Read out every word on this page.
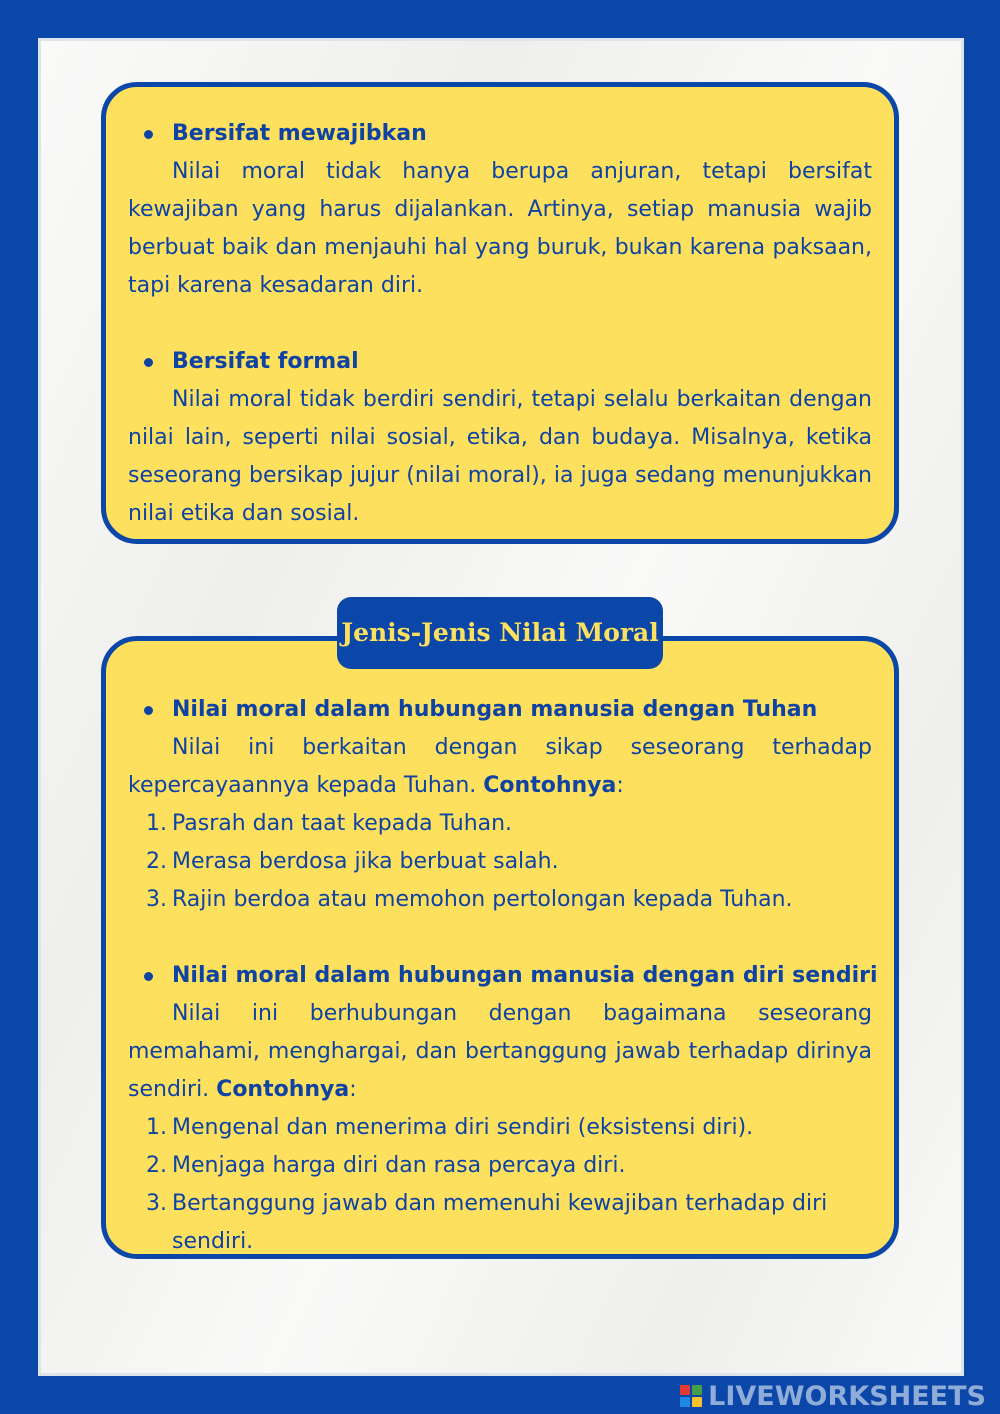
Bersifat mewajibkan

Nilai moral tidak hanya berupa anjuran, tetapi bersifat kewajiban yang harus dijalankan. Artinya, setiap manusia wajib berbuat baik dan menjauhi hal yang buruk, bukan karena paksaan, tapi karena kesadaran diri.

Bersifat formal

Nilai moral tidak berdiri sendiri, tetapi selalu berkaitan dengan nilai lain, seperti nilai sosial, etika, dan budaya. Misalnya, ketika seseorang bersikap jujur (nilai moral), ia juga sedang menunjukkan nilai etika dan sosial.

Nilai moral dalam hubungan manusia dengan Tuhan

Nilai ini berkaitan dengan sikap seseorang terhadap kepercayaannya kepada Tuhan. Contohnya:

1. Pasrah dan taat kepada Tuhan.
2. Merasa berdosa jika berbuat salah.
3. Rajin berdoa atau memohon pertolongan kepada Tuhan.
Nilai moral dalam hubungan manusia dengan diri sendiri

Nilai ini berhubungan dengan bagaimana seseorang memahami, menghargai, dan bertanggung jawab terhadap dirinya sendiri. Contohnya:

1. Mengenal dan menerima diri sendiri (eksistensi diri).
2. Menjaga harga diri dan rasa percaya diri.
3. Bertanggung jawab dan memenuhi kewajiban terhadap diri sendiri.
Jenis-Jenis Nilai Moral
LIVEWORKSHEETS
